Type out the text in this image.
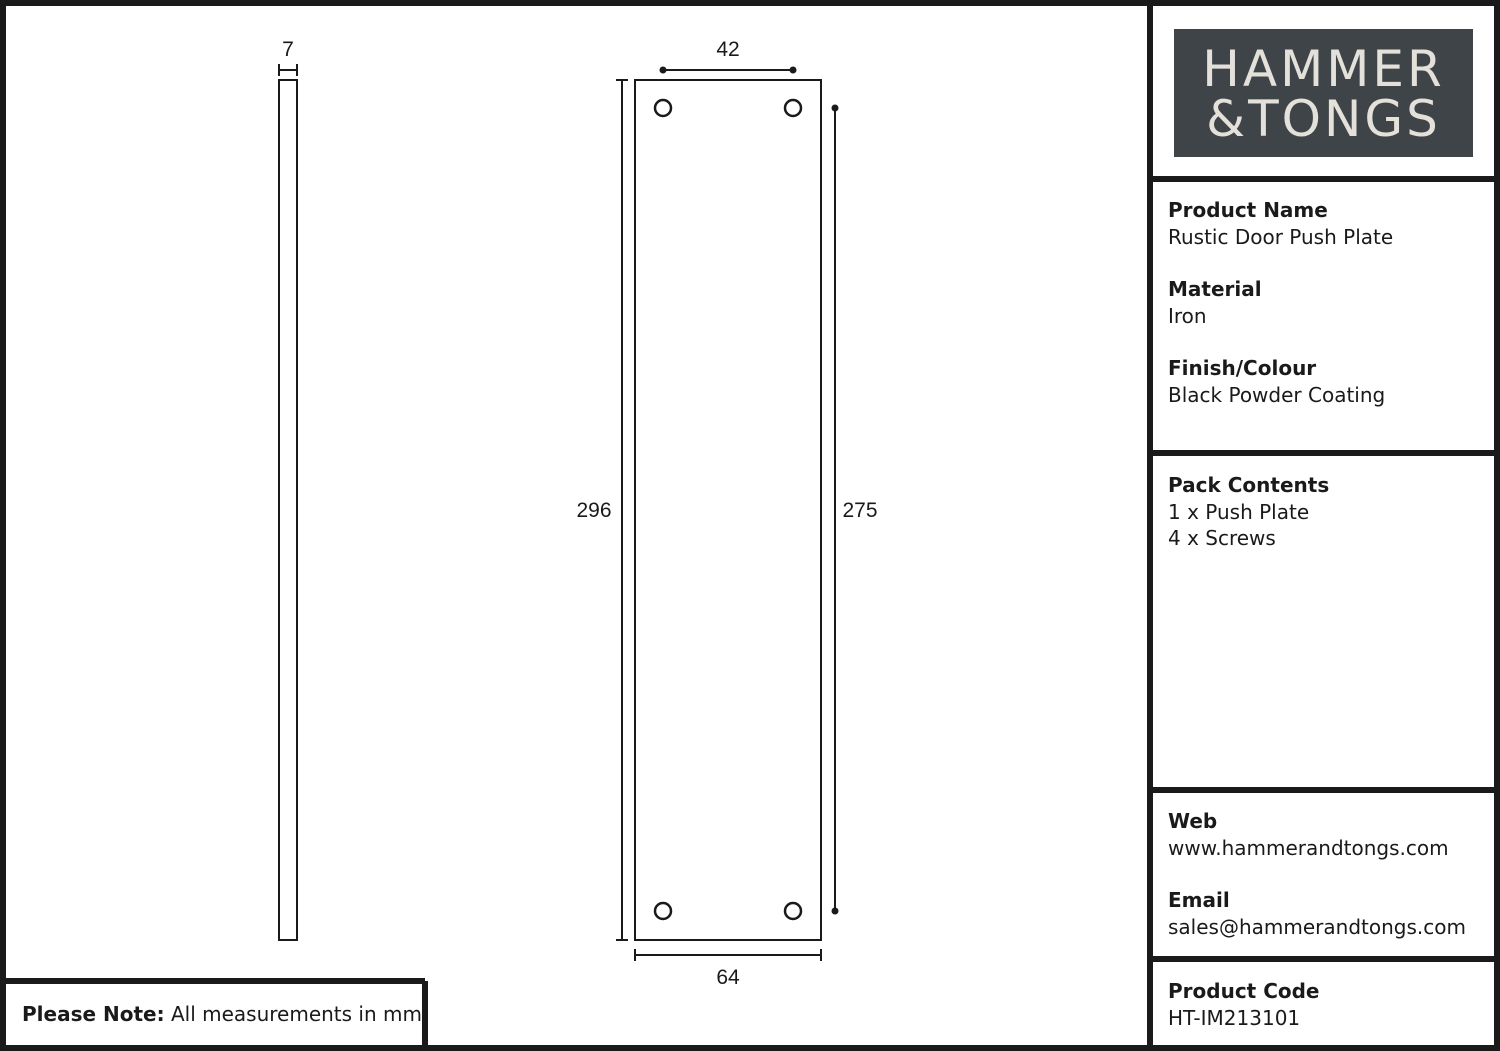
7	42
296	275
64
HAMMER
&TONGS
Product Name
Rustic Door Push Plate
Material
Iron
Finish/Colour
Black Powder Coating
Pack Contents
1 x Push Plate
4 x Screws
Web
www.hammerandtongs.com
Email
sales@hammerandtongs.com
Product Code
HT-IM213101
Please Note: All measurements in mm
